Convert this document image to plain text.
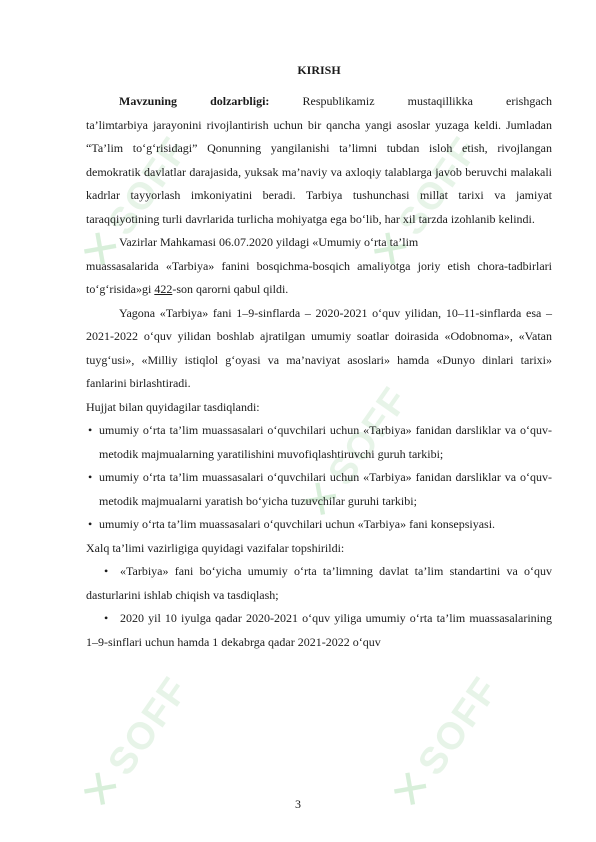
✕SOFF
✕SOFF
✕SOFF
✕SOFF
✕SOFF
KIRISH

Mavzuning dolzarbligi:	Respublikamiz mustaqillikka erishgach
ta’limtarbiya jarayonini rivojlantirish uchun bir qancha yangi asoslar yuzaga keldi. Jumladan “Ta’lim to‘g‘risidagi” Qonunning yangilanishi ta’limni tubdan isloh etish, rivojlangan demokratik davlatlar darajasida, yuksak ma’naviy va axloqiy talablarga javob beruvchi malakali kadrlar tayyorlash imkoniyatini beradi. Tarbiya tushunchasi millat tarixi va jamiyat taraqqiyotining turli davrlarida turlicha mohiyatga ega bo‘lib, har xil tarzda izohlanib kelindi.

Vazirlar Mahkamasi 06.07.2020 yildagi «Umumiy o‘rta ta’lim

muassasalarida «Tarbiya» fanini bosqichma-bosqich amaliyotga joriy etish chora-tadbirlari to‘g‘risida»gi 422-son qarorni qabul qildi.

Yagona «Tarbiya» fani 1–9-sinflarda – 2020-2021 o‘quv yilidan, 10–11-sinflarda esa – 2021-2022 o‘quv yilidan boshlab ajratilgan umumiy soatlar doirasida «Odobnoma», «Vatan tuyg‘usi», «Milliy istiqlol g‘oyasi va ma’naviyat asoslari» hamda «Dunyo dinlari tarixi» fanlarini birlashtiradi.

Hujjat bilan quyidagilar tasdiqlandi:

• umumiy o‘rta ta’lim muassasalari o‘quvchilari uchun «Tarbiya» fanidan darsliklar va o‘quv-metodik majmualarning yaratilishini muvofiqlashtiruvchi guruh tarkibi;
• umumiy o‘rta ta’lim muassasalari o‘quvchilari uchun «Tarbiya» fanidan darsliklar va o‘quv-metodik majmualarni yaratish bo‘yicha tuzuvchilar guruhi tarkibi;
• umumiy o‘rta ta’lim muassasalari o‘quvchilari uchun «Tarbiya» fani konsepsiyasi.

Xalq ta’limi vazirligiga quyidagi vazifalar topshirildi:

• «Tarbiya» fani bo‘yicha umumiy o‘rta ta’limning davlat ta’lim standartini va o‘quv dasturlarini ishlab chiqish va tasdiqlash;
• 2020 yil 10 iyulga qadar 2020-2021 o‘quv yiliga umumiy o‘rta ta’lim muassasalarining 1–9-sinflari uchun hamda 1 dekabrga qadar 2021-2022 o‘quv
3
